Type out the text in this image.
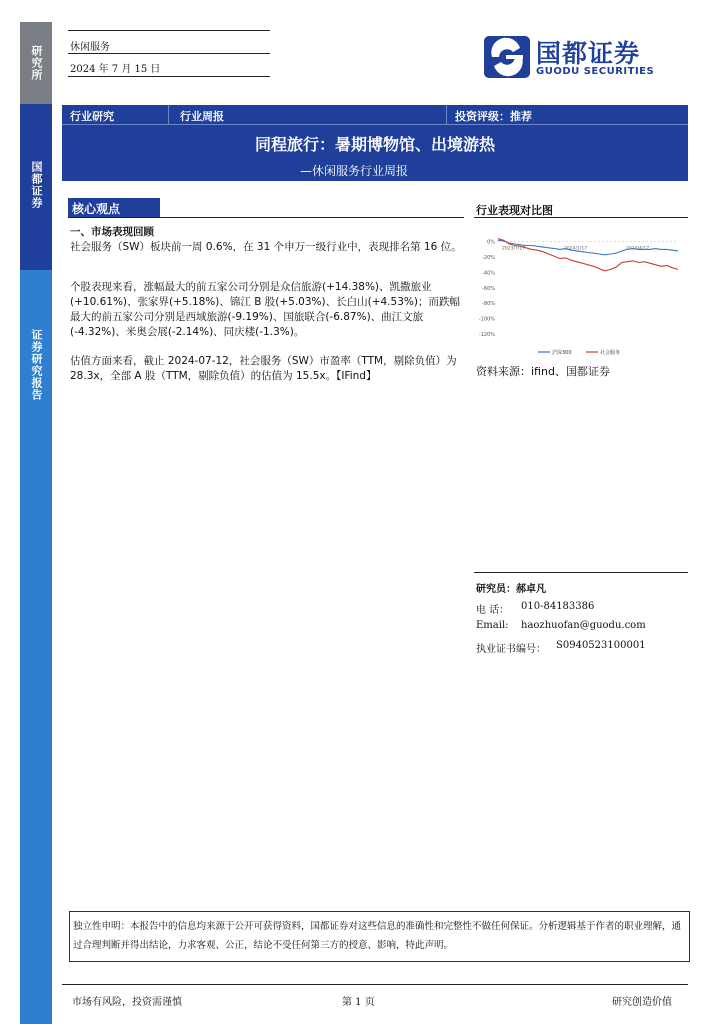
研究所
国都证券
证券研究报告
休闲服务
2024 年 7 月 15 日
国都证券
GUODU SECURITIES
行业研究	行业周报	投资评级：推荐
同程旅行：暑期博物馆、出境游热
—休闲服务行业周报
核心观点
一、市场表现回顾
社会服务（SW）板块前一周 0.6%，在 31 个申万一级行业中，表现排名第 16 位。
个股表现来看，涨幅最大的前五家公司分别是众信旅游(+14.38%)、凯撒旅业(+10.61%)、张家界(+5.18%)、锦江 B 股(+5.03%)、长白山(+4.53%)；而跌幅最大的前五家公司分别是西域旅游(-9.19%)、国旅联合(-6.87%)、曲江文旅(-4.32%)、米奥会展(-2.14%)、同庆楼(-1.3%)。
估值方面来看，截止 2024-07-12，社会服务（SW）市盈率（TTM，剔除负值）为 28.3x，全部 A 股（TTM，剔除负值）的估值为 15.5x。【IFind】
行业表现对比图
0%
-20%
-40%
-60%
-80%
-100%
-120%
2023/7/17	2024/1/17	2024/4/17
沪深300	社会服务
资料来源：ifind、国都证券
研究员：郝卓凡
电 话： 010-84183386
Email: haozhuofan@guodu.com
执业证书编号： S0940523100001
独立性申明：本报告中的信息均来源于公开可获得资料，国都证券对这些信息的准确性和完整性不做任何保证。分析逻辑基于作者的职业理解，通过合理判断并得出结论，力求客观、公正，结论不受任何第三方的授意、影响，特此声明。
市场有风险，投资需谨慎	第 1 页	研究创造价值
